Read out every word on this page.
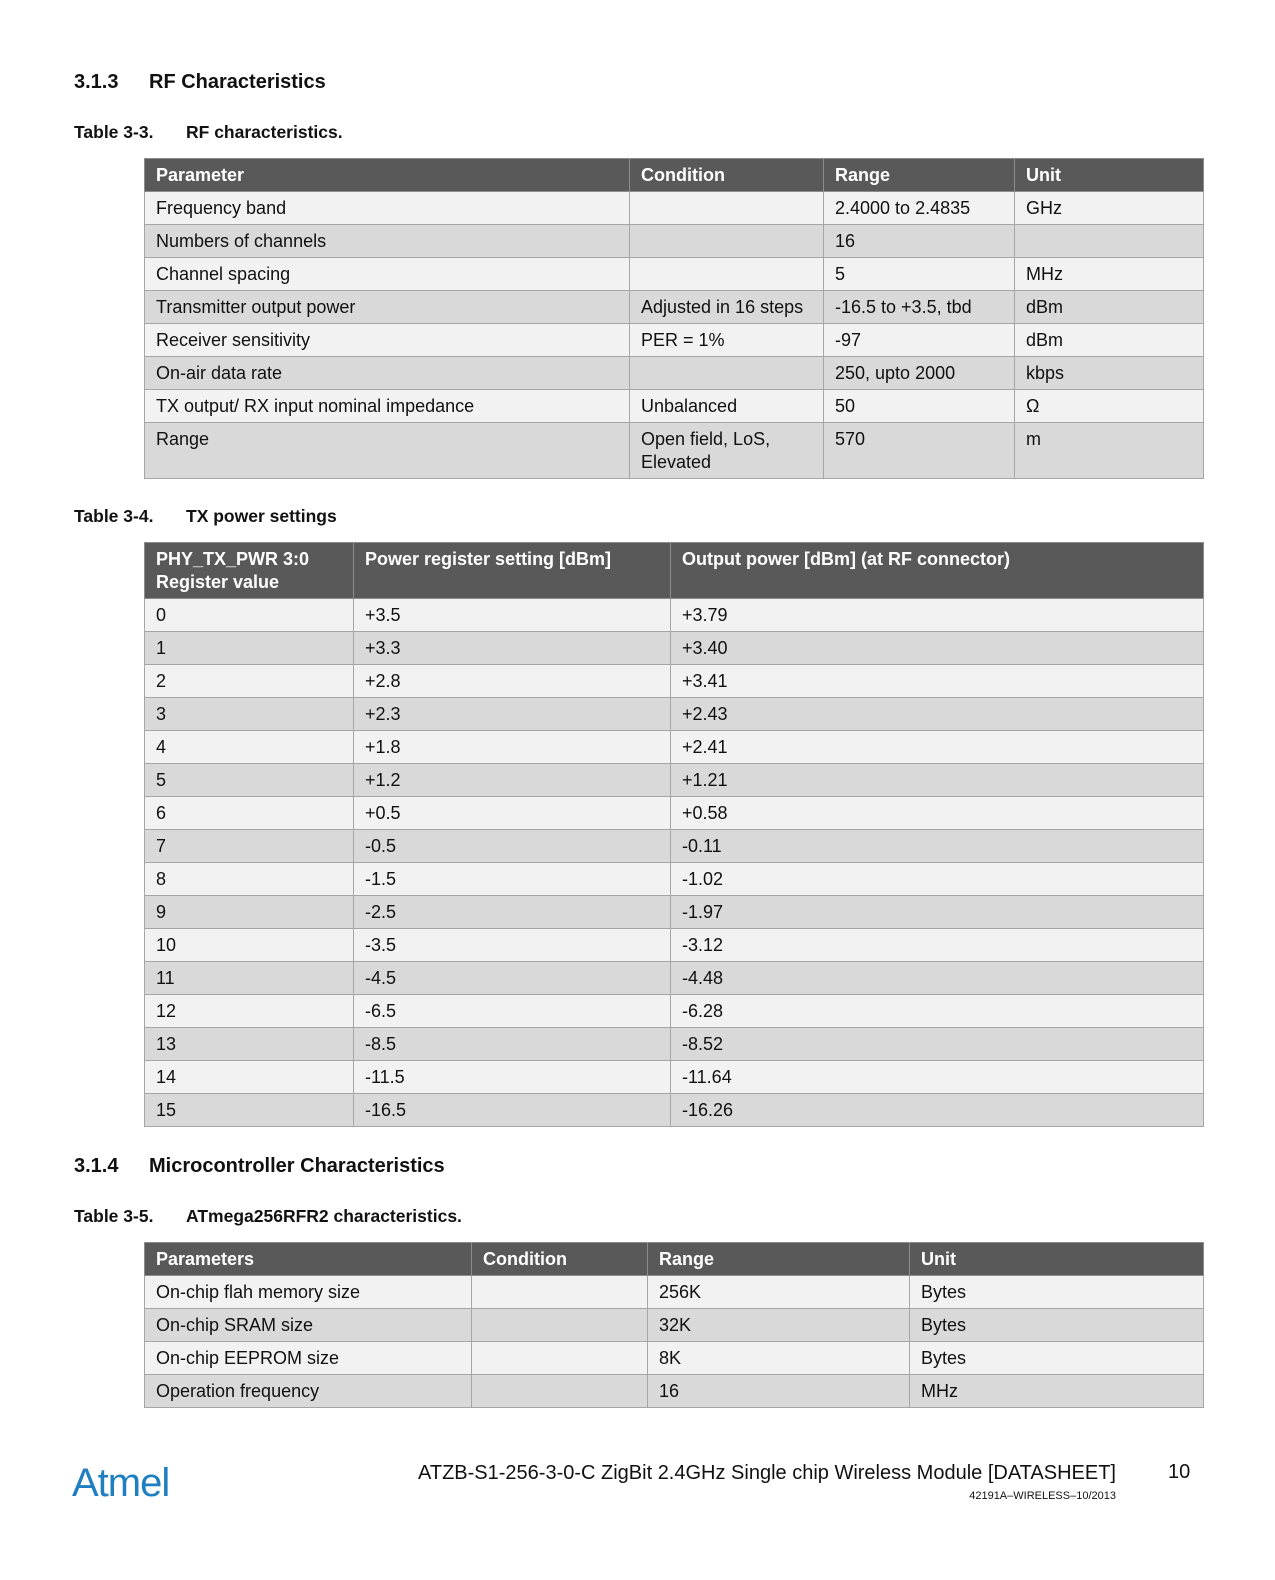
3.1.3 RF Characteristics
Table 3-3. RF characteristics.
Parameter	Condition	Range	Unit
Frequency band		2.4000 to 2.4835	GHz
Numbers of channels		16	
Channel spacing		5	MHz
Transmitter output power	Adjusted in 16 steps	-16.5 to +3.5, tbd	dBm
Receiver sensitivity	PER = 1%	-97	dBm
On-air data rate		250, upto 2000	kbps
TX output/ RX input nominal impedance	Unbalanced	50	Ω
Range	Open field, LoS, Elevated	570	m
Table 3-4. TX power settings
PHY_TX_PWR 3:0 Register value	Power register setting [dBm]	Output power [dBm] (at RF connector)
0	+3.5	+3.79
1	+3.3	+3.40
2	+2.8	+3.41
3	+2.3	+2.43
4	+1.8	+2.41
5	+1.2	+1.21
6	+0.5	+0.58
7	-0.5	-0.11
8	-1.5	-1.02
9	-2.5	-1.97
10	-3.5	-3.12
11	-4.5	-4.48
12	-6.5	-6.28
13	-8.5	-8.52
14	-11.5	-11.64
15	-16.5	-16.26
3.1.4 Microcontroller Characteristics
Table 3-5. ATmega256RFR2 characteristics.
Parameters	Condition	Range	Unit
On-chip flah memory size		256K	Bytes
On-chip SRAM size		32K	Bytes
On-chip EEPROM size		8K	Bytes
Operation frequency		16	MHz
Atmel	ATZB-S1-256-3-0-C ZigBit 2.4GHz Single chip Wireless Module [DATASHEET]
42191A–WIRELESS–10/2013
10
